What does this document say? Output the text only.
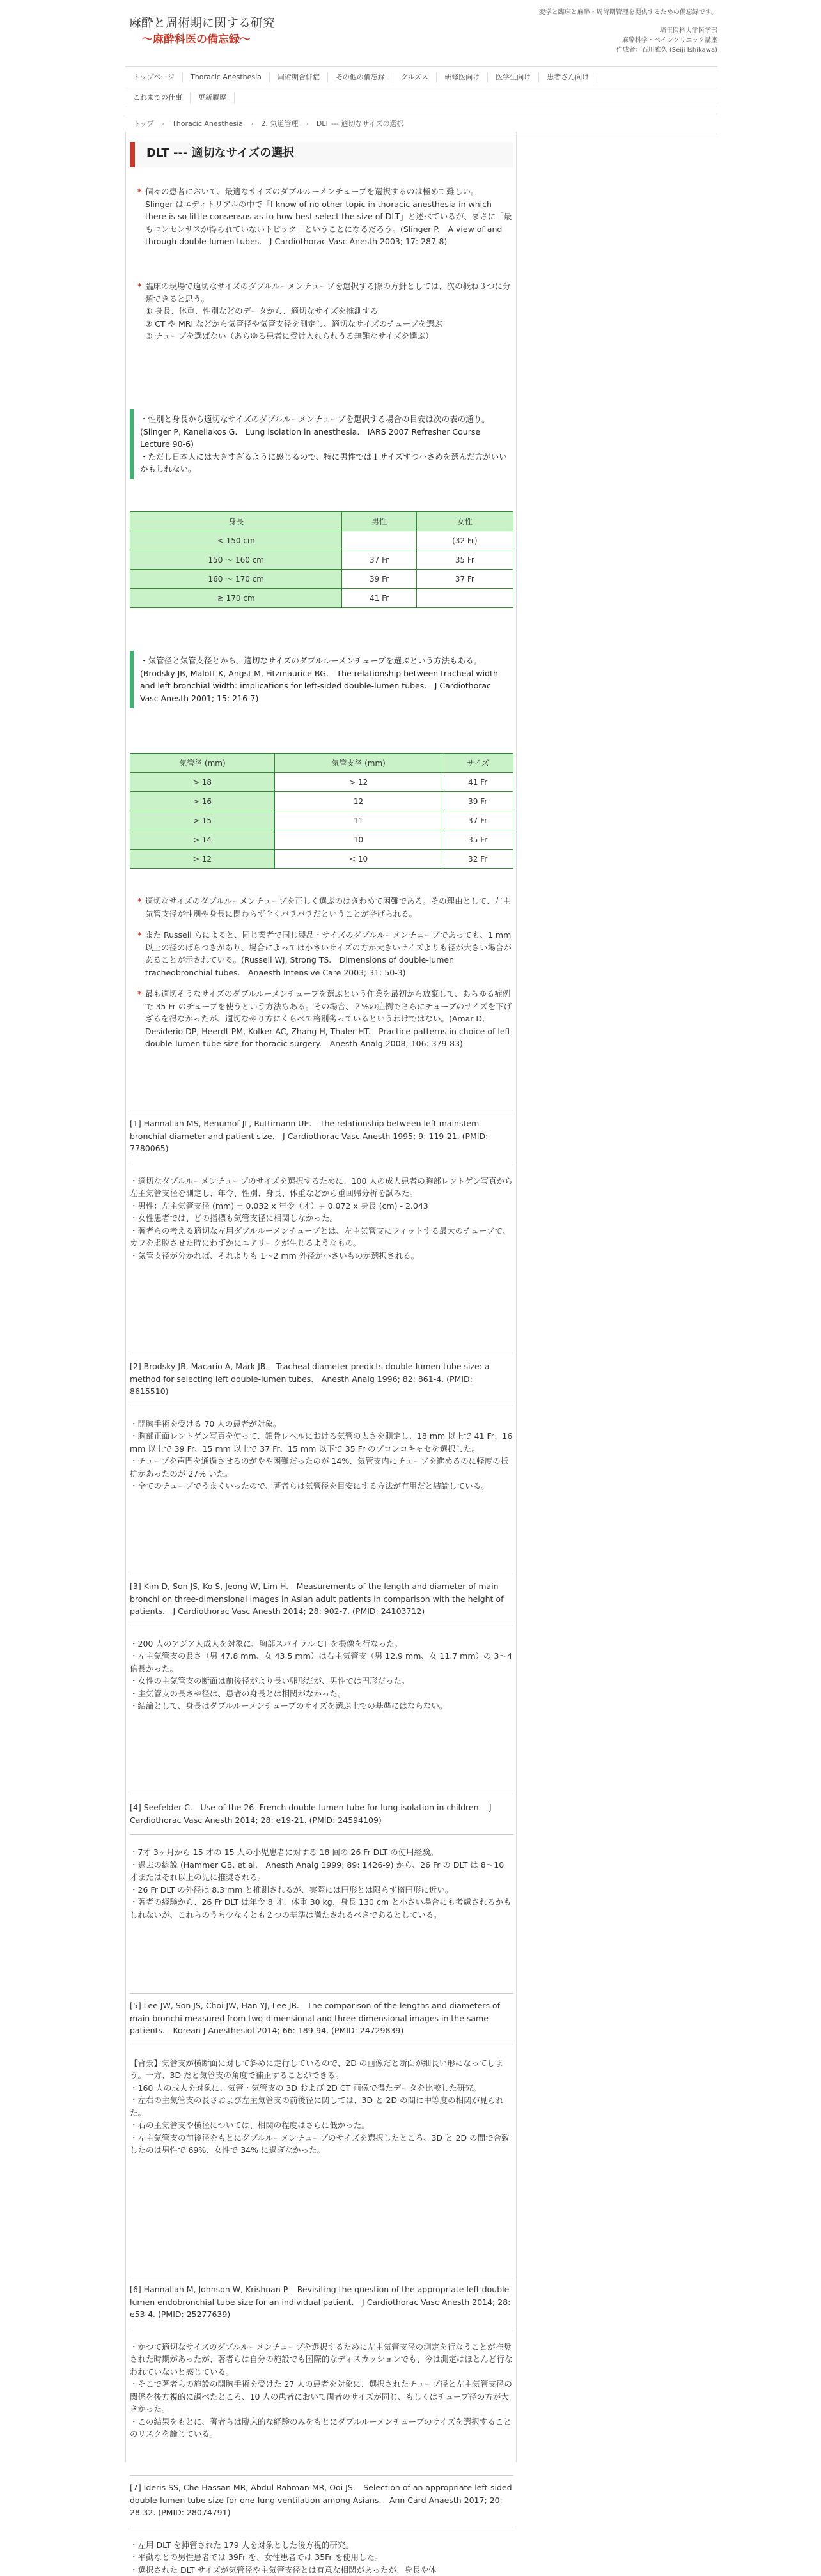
麻酔と周術期に関する研究
〜麻酔科医の備忘録〜
変学と臨床と麻酔・周術期管理を提供するための備忘録です。
埼玉医科大学医学部
麻酔科学・ペインクリニック講座
作成者：石川雅久 (Seiji Ishikawa)
トップページ	Thoracic Anesthesia	周術期合併症	その他の備忘録	クルズス	研修医向け	医学生向け	患者さん向け
これまでの仕事	更新履歴
トップ › Thoracic Anesthesia › 2. 気道管理 › DLT --- 適切なサイズの選択
DLT --- 適切なサイズの選択
* 個々の患者において、最適なサイズのダブルルーメンチューブを選択するのは極めて難しい。
Slinger はエディトリアルの中で「I know of no other topic in thoracic anesthesia in which there is so little consensus as to how best select the size of DLT」と述べているが、まさに「最もコンセンサスが得られていないトピック」ということになるだろう。(Slinger P.　A view of and through double-lumen tubes.　J Cardiothorac Vasc Anesth 2003; 17: 287-8)
* 臨床の現場で適切なサイズのダブルルーメンチューブを選択する際の方針としては、次の概ね３つに分類できると思う。
① 身長、体重、性別などのデータから、適切なサイズを推測する
② CT や MRI などから気管径や気管支径を測定し、適切なサイズのチューブを選ぶ
③ チューブを選ばない（あらゆる患者に受け入れられうる無難なサイズを選ぶ）
・性別と身長から適切なサイズのダブルルーメンチューブを選択する場合の目安は次の表の通り。(Slinger P, Kanellakos G.　Lung isolation in anesthesia.　IARS 2007 Refresher Course Lecture 90-6)
・ただし日本人には大きすぎるように感じるので、特に男性では１サイズずつ小さめを選んだ方がいいかもしれない。
身長	男性	女性
< 150 cm		(32 Fr)
150 〜 160 cm	37 Fr	35 Fr
160 〜 170 cm	39 Fr	37 Fr
≧ 170 cm	41 Fr	
・気管径と気管支径とから、適切なサイズのダブルルーメンチューブを選ぶという方法もある。(Brodsky JB, Malott K, Angst M, Fitzmaurice BG.　The relationship between tracheal width and left bronchial width: implications for left-sided double-lumen tubes.　J Cardiothorac Vasc Anesth 2001; 15: 216-7)
気管径 (mm)	気管支径 (mm)	サイズ
> 18	> 12	41 Fr
> 16	12	39 Fr
> 15	11	37 Fr
> 14	10	35 Fr
> 12	< 10	32 Fr
* 適切なサイズのダブルルーメンチューブを正しく選ぶのはきわめて困難である。その理由として、左主気管支径が性別や身長に関わらず全くバラバラだということが挙げられる。
* また Russell らによると、同じ業者で同じ製品・サイズのダブルルーメンチューブであっても、1 mm 以上の径のばらつきがあり、場合によっては小さいサイズの方が大きいサイズよりも径が大きい場合があることが示されている。(Russell WJ, Strong TS.　Dimensions of double-lumen tracheobronchial tubes.　Anaesth Intensive Care 2003; 31: 50-3)
* 最も適切そうなサイズのダブルルーメンチューブを選ぶという作業を最初から放棄して、あらゆる症例で 35 Fr のチューブを使うという方法もある。その場合、２%の症例でさらにチューブのサイズを下げざるを得なかったが、適切なやり方にくらべて格別劣っているというわけではない。(Amar D, Desiderio DP, Heerdt PM, Kolker AC, Zhang H, Thaler HT.　Practice patterns in choice of left double-lumen tube size for thoracic surgery.　Anesth Analg 2008; 106: 379-83)
[1] Hannallah MS, Benumof JL, Ruttimann UE.　The relationship between left mainstem bronchial diameter and patient size.　J Cardiothorac Vasc Anesth 1995; 9: 119-21. (PMID: 7780065)
・適切なダブルルーメンチューブのサイズを選択するために、100 人の成人患者の胸部レントゲン写真から左主気管支径を測定し、年令、性別、身長、体重などから重回帰分析を試みた。
・男性：左主気管支径 (mm) = 0.032 x 年令（才）+ 0.072 x 身長 (cm) - 2.043
・女性患者では、どの指標も気管支径に相関しなかった。
・著者らの考える適切な左用ダブルルーメンチューブとは、左主気管支にフィットする最大のチューブで、カフを虚脱させた時にわずかにエアリークが生じるようなもの。
・気管支径が分かれば、それよりも 1〜2 mm 外径が小さいものが選択される。
[2] Brodsky JB, Macario A, Mark JB.　Tracheal diameter predicts double-lumen tube size: a method for selecting left double-lumen tubes.　Anesth Analg 1996; 82: 861-4. (PMID: 8615510)
・開胸手術を受ける 70 人の患者が対象。
・胸部正面レントゲン写真を使って、鎖骨レベルにおける気管の太さを測定し、18 mm 以上で 41 Fr、16 mm 以上で 39 Fr、15 mm 以上で 37 Fr、15 mm 以下で 35 Fr のブロンコキャセを選択した。
・チューブを声門を通過させるのがやや困難だったのが 14%、気管支内にチューブを進めるのに軽度の抵抗があったのが 27% いた。
・全てのチューブでうまくいったので、著者らは気管径を目安にする方法が有用だと結論している。
[3] Kim D, Son JS, Ko S, Jeong W, Lim H.　Measurements of the length and diameter of main bronchi on three-dimensional images in Asian adult patients in comparison with the height of patients.　J Cardiothorac Vasc Anesth 2014; 28: 902-7. (PMID: 24103712)
・200 人のアジア人成人を対象に、胸部スパイラル CT を撮像を行なった。
・左主気管支の長さ（男 47.8 mm、女 43.5 mm）は右主気管支（男 12.9 mm、女 11.7 mm）の 3〜4 倍長かった。
・女性の主気管支の断面は前後径がより長い卵形だが、男性では円形だった。
・主気管支の長さや径は、患者の身長とは相関がなかった。
・結論として、身長はダブルルーメンチューブのサイズを選ぶ上での基準にはならない。
[4] Seefelder C.　Use of the 26- French double-lumen tube for lung isolation in children.　J Cardiothorac Vasc Anesth 2014; 28: e19-21. (PMID: 24594109)
・7才 3ヶ月から 15 才の 15 人の小児患者に対する 18 回の 26 Fr DLT の使用経験。
・過去の総説 (Hammer GB, et al.　Anesth Analg 1999; 89: 1426-9) から、26 Fr の DLT は 8〜10 才またはそれ以上の児に推奨される。
・26 Fr DLT の外径は 8.3 mm と推測されるが、実際には円形とは限らず楕円形に近い。
・著者の経験から、26 Fr DLT は年令 8 才、体重 30 kg、身長 130 cm と小さい場合にも考慮されるかもしれないが、これらのうち少なくとも２つの基準は満たされるべきであるとしている。
[5] Lee JW, Son JS, Choi JW, Han YJ, Lee JR.　The comparison of the lengths and diameters of main bronchi measured from two-dimensional and three-dimensional images in the same patients.　Korean J Anesthesiol 2014; 66: 189-94. (PMID: 24729839)
【背景】気管支が横断面に対して斜めに走行しているので、2D の画像だと断面が細長い形になってしまう。一方、3D だと気管支の角度で補正することができる。
・160 人の成人を対象に、気管・気管支の 3D および 2D CT 画像で得たデータを比較した研究。
・左右の主気管支の長さおよび左主気管支の前後径に関しては、3D と 2D の間に中等度の相関が見られた。
・右の主気管支や横径については、相関の程度はさらに低かった。
・左主気管支の前後径をもとにダブルルーメンチューブのサイズを選択したところ、3D と 2D の間で合致したのは男性で 69%、女性で 34% に過ぎなかった。
[6] Hannallah M, Johnson W, Krishnan P.　Revisiting the question of the appropriate left double-lumen endobronchial tube size for an individual patient.　J Cardiothorac Vasc Anesth 2014; 28: e53-4. (PMID: 25277639)
・かつて適切なサイズのダブルルーメンチューブを選択するために左主気管支径の測定を行なうことが推奨された時期があったが、著者らは自分の施設でも国際的なディスカッションでも、今は測定はほとんど行なわれていないと感じている。
・そこで著者らの施設の開胸手術を受けた 27 人の患者を対象に、選択されたチューブ径と左主気管支径の関係を後方視的に調べたところ、10 人の患者において両者のサイズが同じ、もしくはチューブ径の方が大きかった。
・この結果をもとに、著者らは臨床的な経験のみをもとにダブルルーメンチューブのサイズを選択することのリスクを論じている。
[7] Ideris SS, Che Hassan MR, Abdul Rahman MR, Ooi JS.　Selection of an appropriate left-sided double-lumen tube size for one-lung ventilation among Asians.　Ann Card Anaesth 2017; 20: 28-32. (PMID: 28074791)
・左用 DLT を挿管された 179 人を対象とした後方視的研究。
・平動なとの男性患者では 39Fr を、女性患者では 35Fr を使用した。
・選択された DLT サイズが気管径や主気管支径とは有意な相関があったが、身長や体
